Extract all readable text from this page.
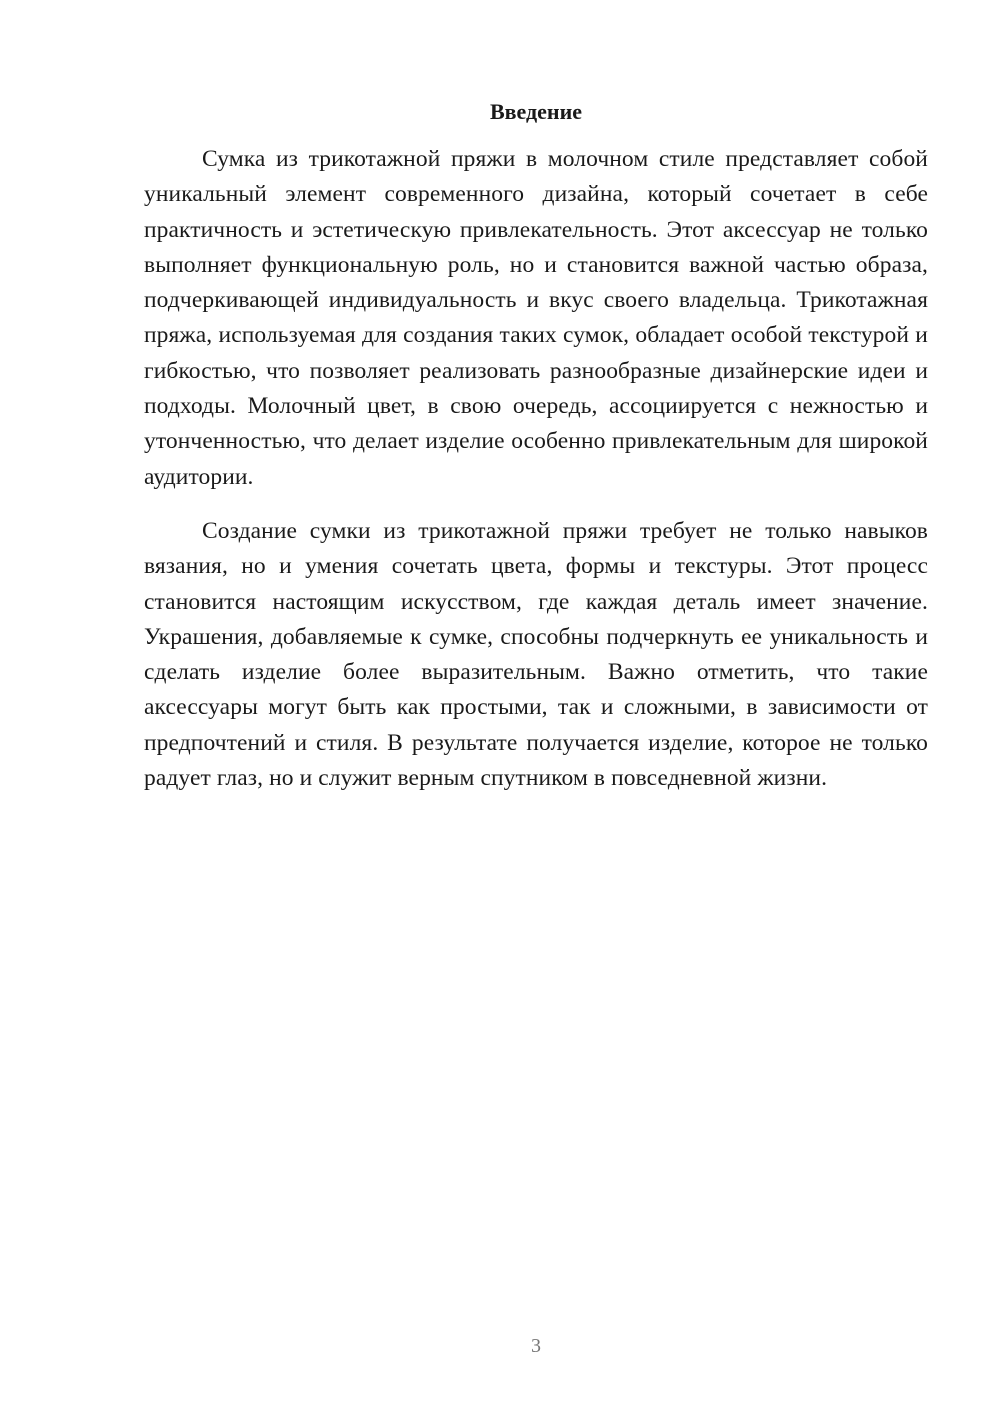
Введение

Сумка из трикотажной пряжи в молочном стиле представляет собой уникальный элемент современного дизайна, который сочетает в себе практичность и эстетическую привлекательность. Этот аксессуар не только выполняет функциональную роль, но и становится важной частью образа, подчеркивающей индивидуальность и вкус своего владельца. Трикотажная пряжа, используемая для создания таких сумок, обладает особой текстурой и гибкостью, что позволяет реализовать разнообразные дизайнерские идеи и подходы. Молочный цвет, в свою очередь, ассоциируется с нежностью и утонченностью, что делает изделие особенно привлекательным для широкой аудитории.

Создание сумки из трикотажной пряжи требует не только навыков вязания, но и умения сочетать цвета, формы и текстуры. Этот процесс становится настоящим искусством, где каждая деталь имеет значение. Украшения, добавляемые к сумке, способны подчеркнуть ее уникальность и сделать изделие более выразительным. Важно отметить, что такие аксессуары могут быть как простыми, так и сложными, в зависимости от предпочтений и стиля. В результате получается изделие, которое не только радует глаз, но и служит верным спутником в повседневной жизни.

3
